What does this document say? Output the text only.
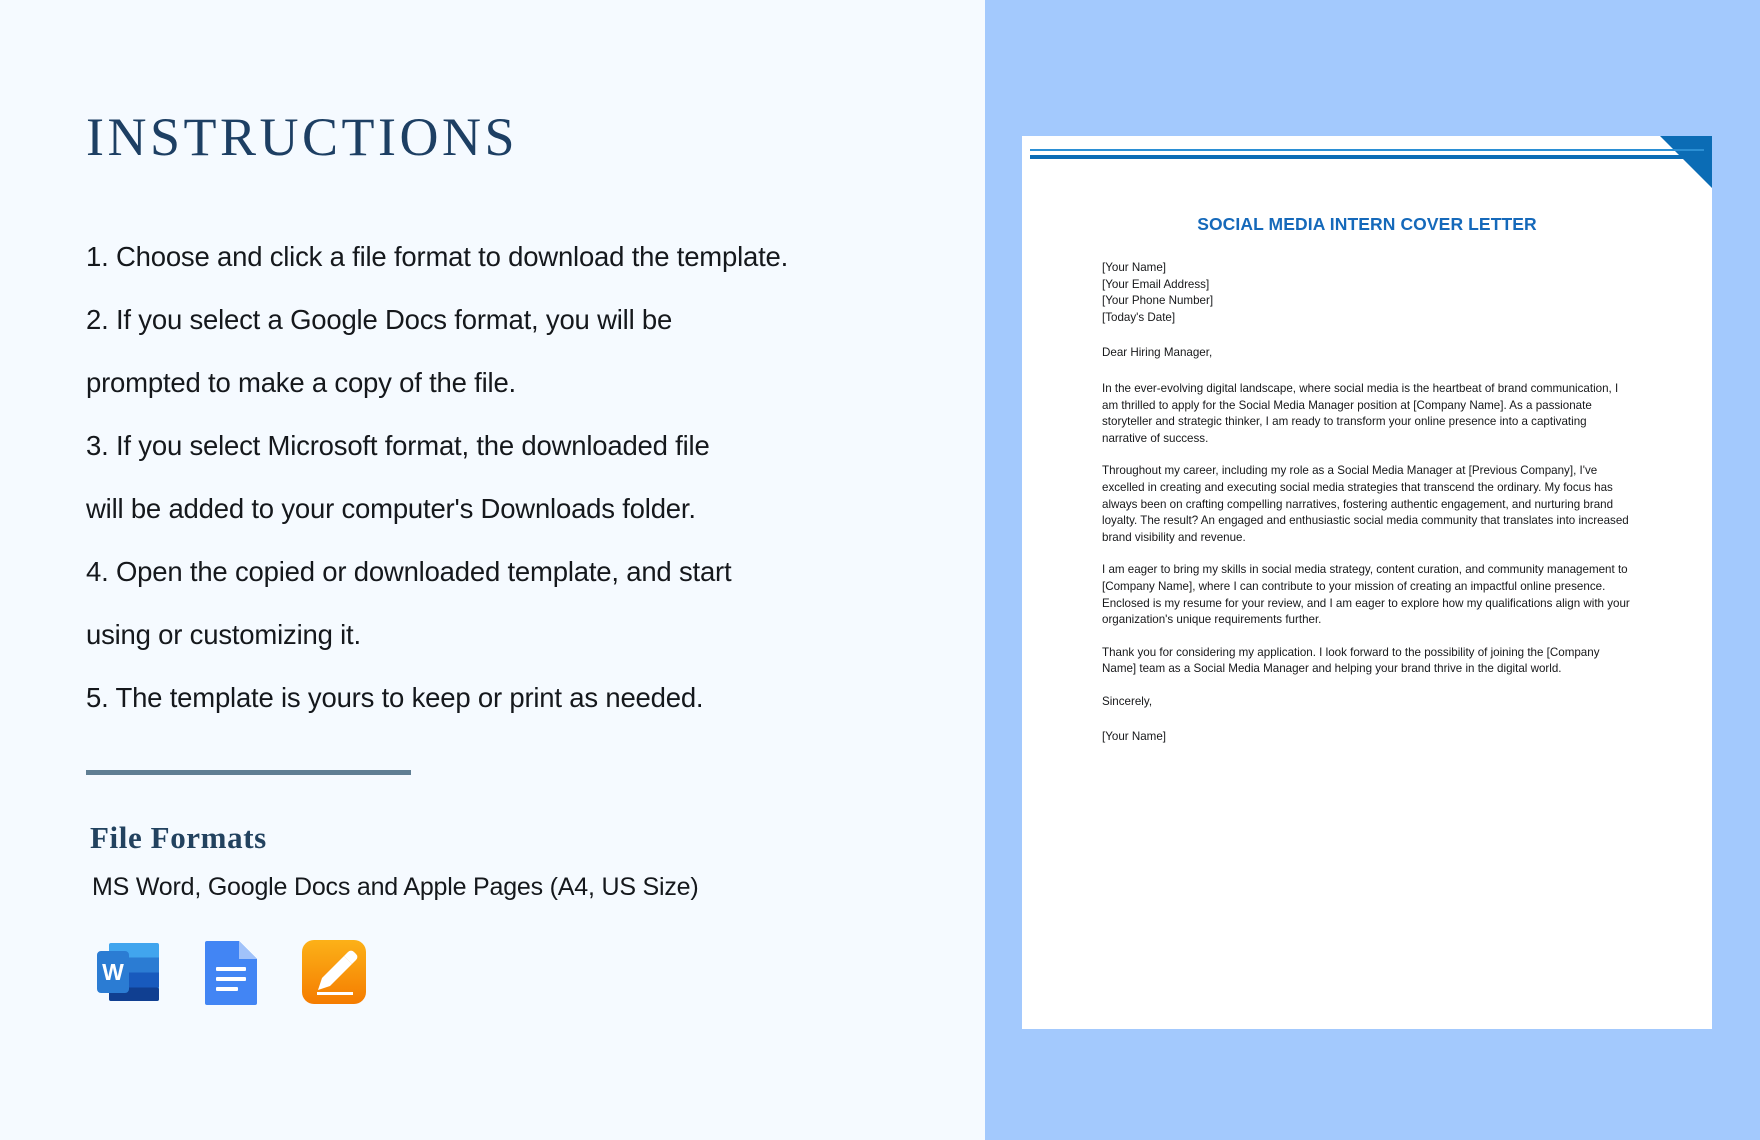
INSTRUCTIONS
1. Choose and click a file format to download the template.
2. If you select a Google Docs format, you will be
prompted to make a copy of the file.
3. If you select Microsoft format, the downloaded file
will be added to your computer's Downloads folder.
4. Open the copied or downloaded template, and start
using or customizing it.
5. The template is yours to keep or print as needed.
File Formats
MS Word, Google Docs and Apple Pages (A4, US Size)
W
SOCIAL MEDIA INTERN COVER LETTER
[Your Name]
[Your Email Address]
[Your Phone Number]
[Today's Date]
Dear Hiring Manager,

In the ever-evolving digital landscape, where social media is the heartbeat of brand communication, I am thrilled to apply for the Social Media Manager position at [Company Name]. As a passionate storyteller and strategic thinker, I am ready to transform your online presence into a captivating narrative of success.

Throughout my career, including my role as a Social Media Manager at [Previous Company], I've excelled in creating and executing social media strategies that transcend the ordinary. My focus has always been on crafting compelling narratives, fostering authentic engagement, and nurturing brand loyalty. The result? An engaged and enthusiastic social media community that translates into increased brand visibility and revenue.

I am eager to bring my skills in social media strategy, content curation, and community management to [Company Name], where I can contribute to your mission of creating an impactful online presence. Enclosed is my resume for your review, and I am eager to explore how my qualifications align with your organization's unique requirements further.

Thank you for considering my application. I look forward to the possibility of joining the [Company Name] team as a Social Media Manager and helping your brand thrive in the digital world.

Sincerely,
[Your Name]
